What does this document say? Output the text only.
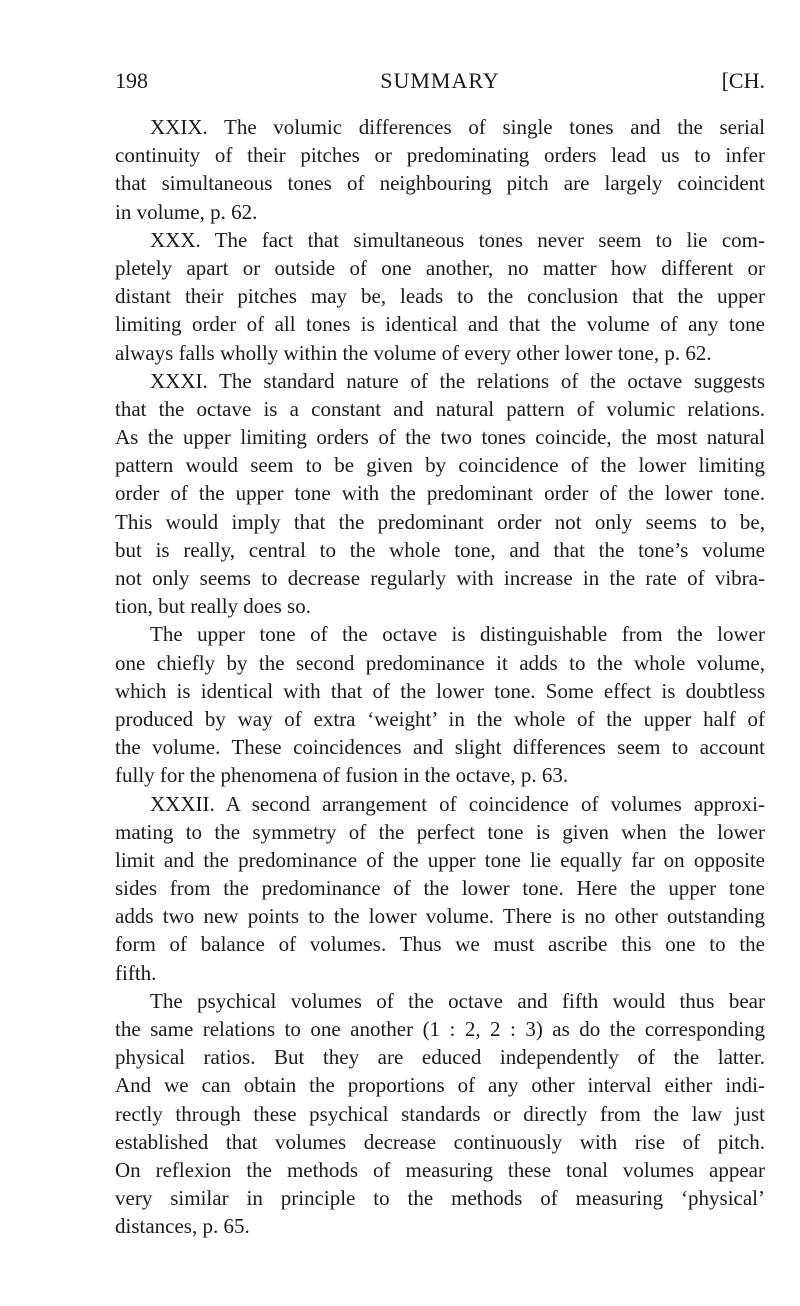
198	SUMMARY	[CH.
XXIX. The volumic differences of single tones and the serial
continuity of their pitches or predominating orders lead us to infer
that simultaneous tones of neighbouring pitch are largely coincident
in volume, p. 62.
XXX. The fact that simultaneous tones never seem to lie com-
pletely apart or outside of one another, no matter how different or
distant their pitches may be, leads to the conclusion that the upper
limiting order of all tones is identical and that the volume of any tone
always falls wholly within the volume of every other lower tone, p. 62.
XXXI. The standard nature of the relations of the octave suggests
that the octave is a constant and natural pattern of volumic relations.
As the upper limiting orders of the two tones coincide, the most natural
pattern would seem to be given by coincidence of the lower limiting
order of the upper tone with the predominant order of the lower tone.
This would imply that the predominant order not only seems to be,
but is really, central to the whole tone, and that the tone’s volume
not only seems to decrease regularly with increase in the rate of vibra-
tion, but really does so.
The upper tone of the octave is distinguishable from the lower
one chiefly by the second predominance it adds to the whole volume,
which is identical with that of the lower tone. Some effect is doubtless
produced by way of extra ‘weight’ in the whole of the upper half of
the volume. These coincidences and slight differences seem to account
fully for the phenomena of fusion in the octave, p. 63.
XXXII. A second arrangement of coincidence of volumes approxi-
mating to the symmetry of the perfect tone is given when the lower
limit and the predominance of the upper tone lie equally far on opposite
sides from the predominance of the lower tone. Here the upper tone
adds two new points to the lower volume. There is no other outstanding
form of balance of volumes. Thus we must ascribe this one to the
fifth.
The psychical volumes of the octave and fifth would thus bear
the same relations to one another (1 : 2, 2 : 3) as do the corresponding
physical ratios. But they are educed independently of the latter.
And we can obtain the proportions of any other interval either indi-
rectly through these psychical standards or directly from the law just
established that volumes decrease continuously with rise of pitch.
On reflexion the methods of measuring these tonal volumes appear
very similar in principle to the methods of measuring ‘physical’
distances, p. 65.
